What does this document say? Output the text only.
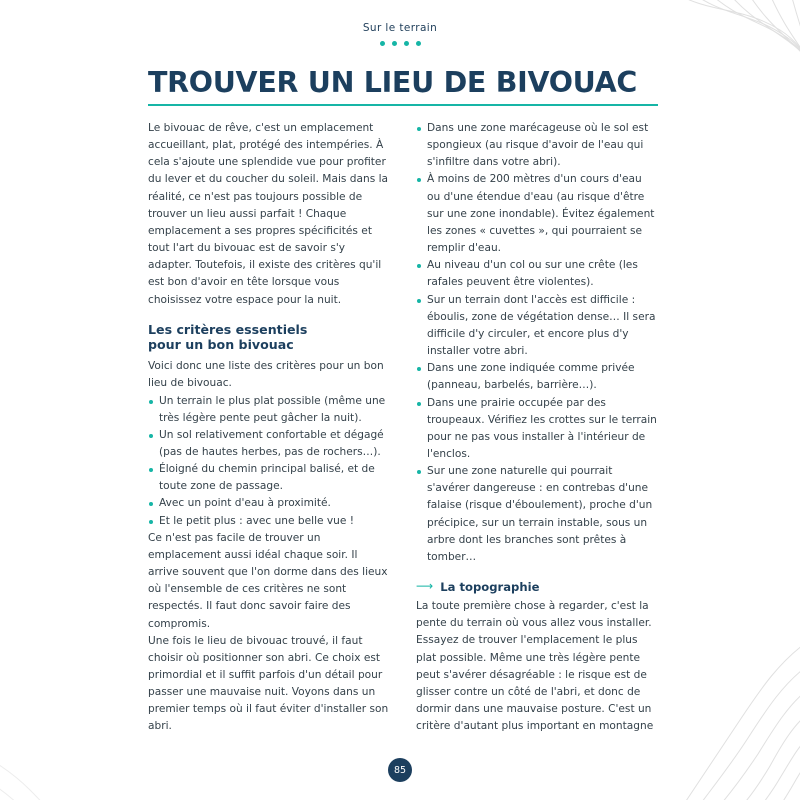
Sur le terrain
TROUVER UN LIEU DE BIVOUAC

Le bivouac de rêve, c'est un emplacement accueillant, plat, protégé des intempéries. À cela s'ajoute une splendide vue pour profiter du lever et du coucher du soleil. Mais dans la réalité, ce n'est pas toujours possible de trouver un lieu aussi parfait ! Chaque emplacement a ses propres spécificités et tout l'art du bivouac est de savoir s'y adapter. Toutefois, il existe des critères qu'il est bon d'avoir en tête lorsque vous choisissez votre espace pour la nuit.

Les critères essentiels
pour un bon bivouac

Voici donc une liste des critères pour un bon lieu de bivouac.

Un terrain le plus plat possible (même une très légère pente peut gâcher la nuit).
Un sol relativement confortable et dégagé (pas de hautes herbes, pas de rochers…).
Éloigné du chemin principal balisé, et de toute zone de passage.
Avec un point d'eau à proximité.
Et le petit plus : avec une belle vue !

Ce n'est pas facile de trouver un emplacement aussi idéal chaque soir. Il arrive souvent que l'on dorme dans des lieux où l'ensemble de ces critères ne sont respectés. Il faut donc savoir faire des compromis.

Une fois le lieu de bivouac trouvé, il faut choisir où positionner son abri. Ce choix est primordial et il suffit parfois d'un détail pour passer une mauvaise nuit. Voyons dans un premier temps où il faut éviter d'installer son abri.

Dans une zone marécageuse où le sol est spongieux (au risque d'avoir de l'eau qui s'infiltre dans votre abri).
À moins de 200 mètres d'un cours d'eau ou d'une étendue d'eau (au risque d'être sur une zone inondable). Évitez également les zones « cuvettes », qui pourraient se remplir d'eau.
Au niveau d'un col ou sur une crête (les rafales peuvent être violentes).
Sur un terrain dont l'accès est difficile : éboulis, zone de végétation dense… Il sera difficile d'y circuler, et encore plus d'y installer votre abri.
Dans une zone indiquée comme privée (panneau, barbelés, barrière…).
Dans une prairie occupée par des troupeaux. Vérifiez les crottes sur le terrain pour ne pas vous installer à l'intérieur de l'enclos.
Sur une zone naturelle qui pourrait s'avérer dangereuse : en contrebas d'une falaise (risque d'éboulement), proche d'un précipice, sur un terrain instable, sous un arbre dont les branches sont prêtes à tomber…
⟶ La topographie

La toute première chose à regarder, c'est la pente du terrain où vous allez vous installer. Essayez de trouver l'emplacement le plus plat possible. Même une très légère pente peut s'avérer désagréable : le risque est de glisser contre un côté de l'abri, et donc de dormir dans une mauvaise posture. C'est un critère d'autant plus important en montagne

85
